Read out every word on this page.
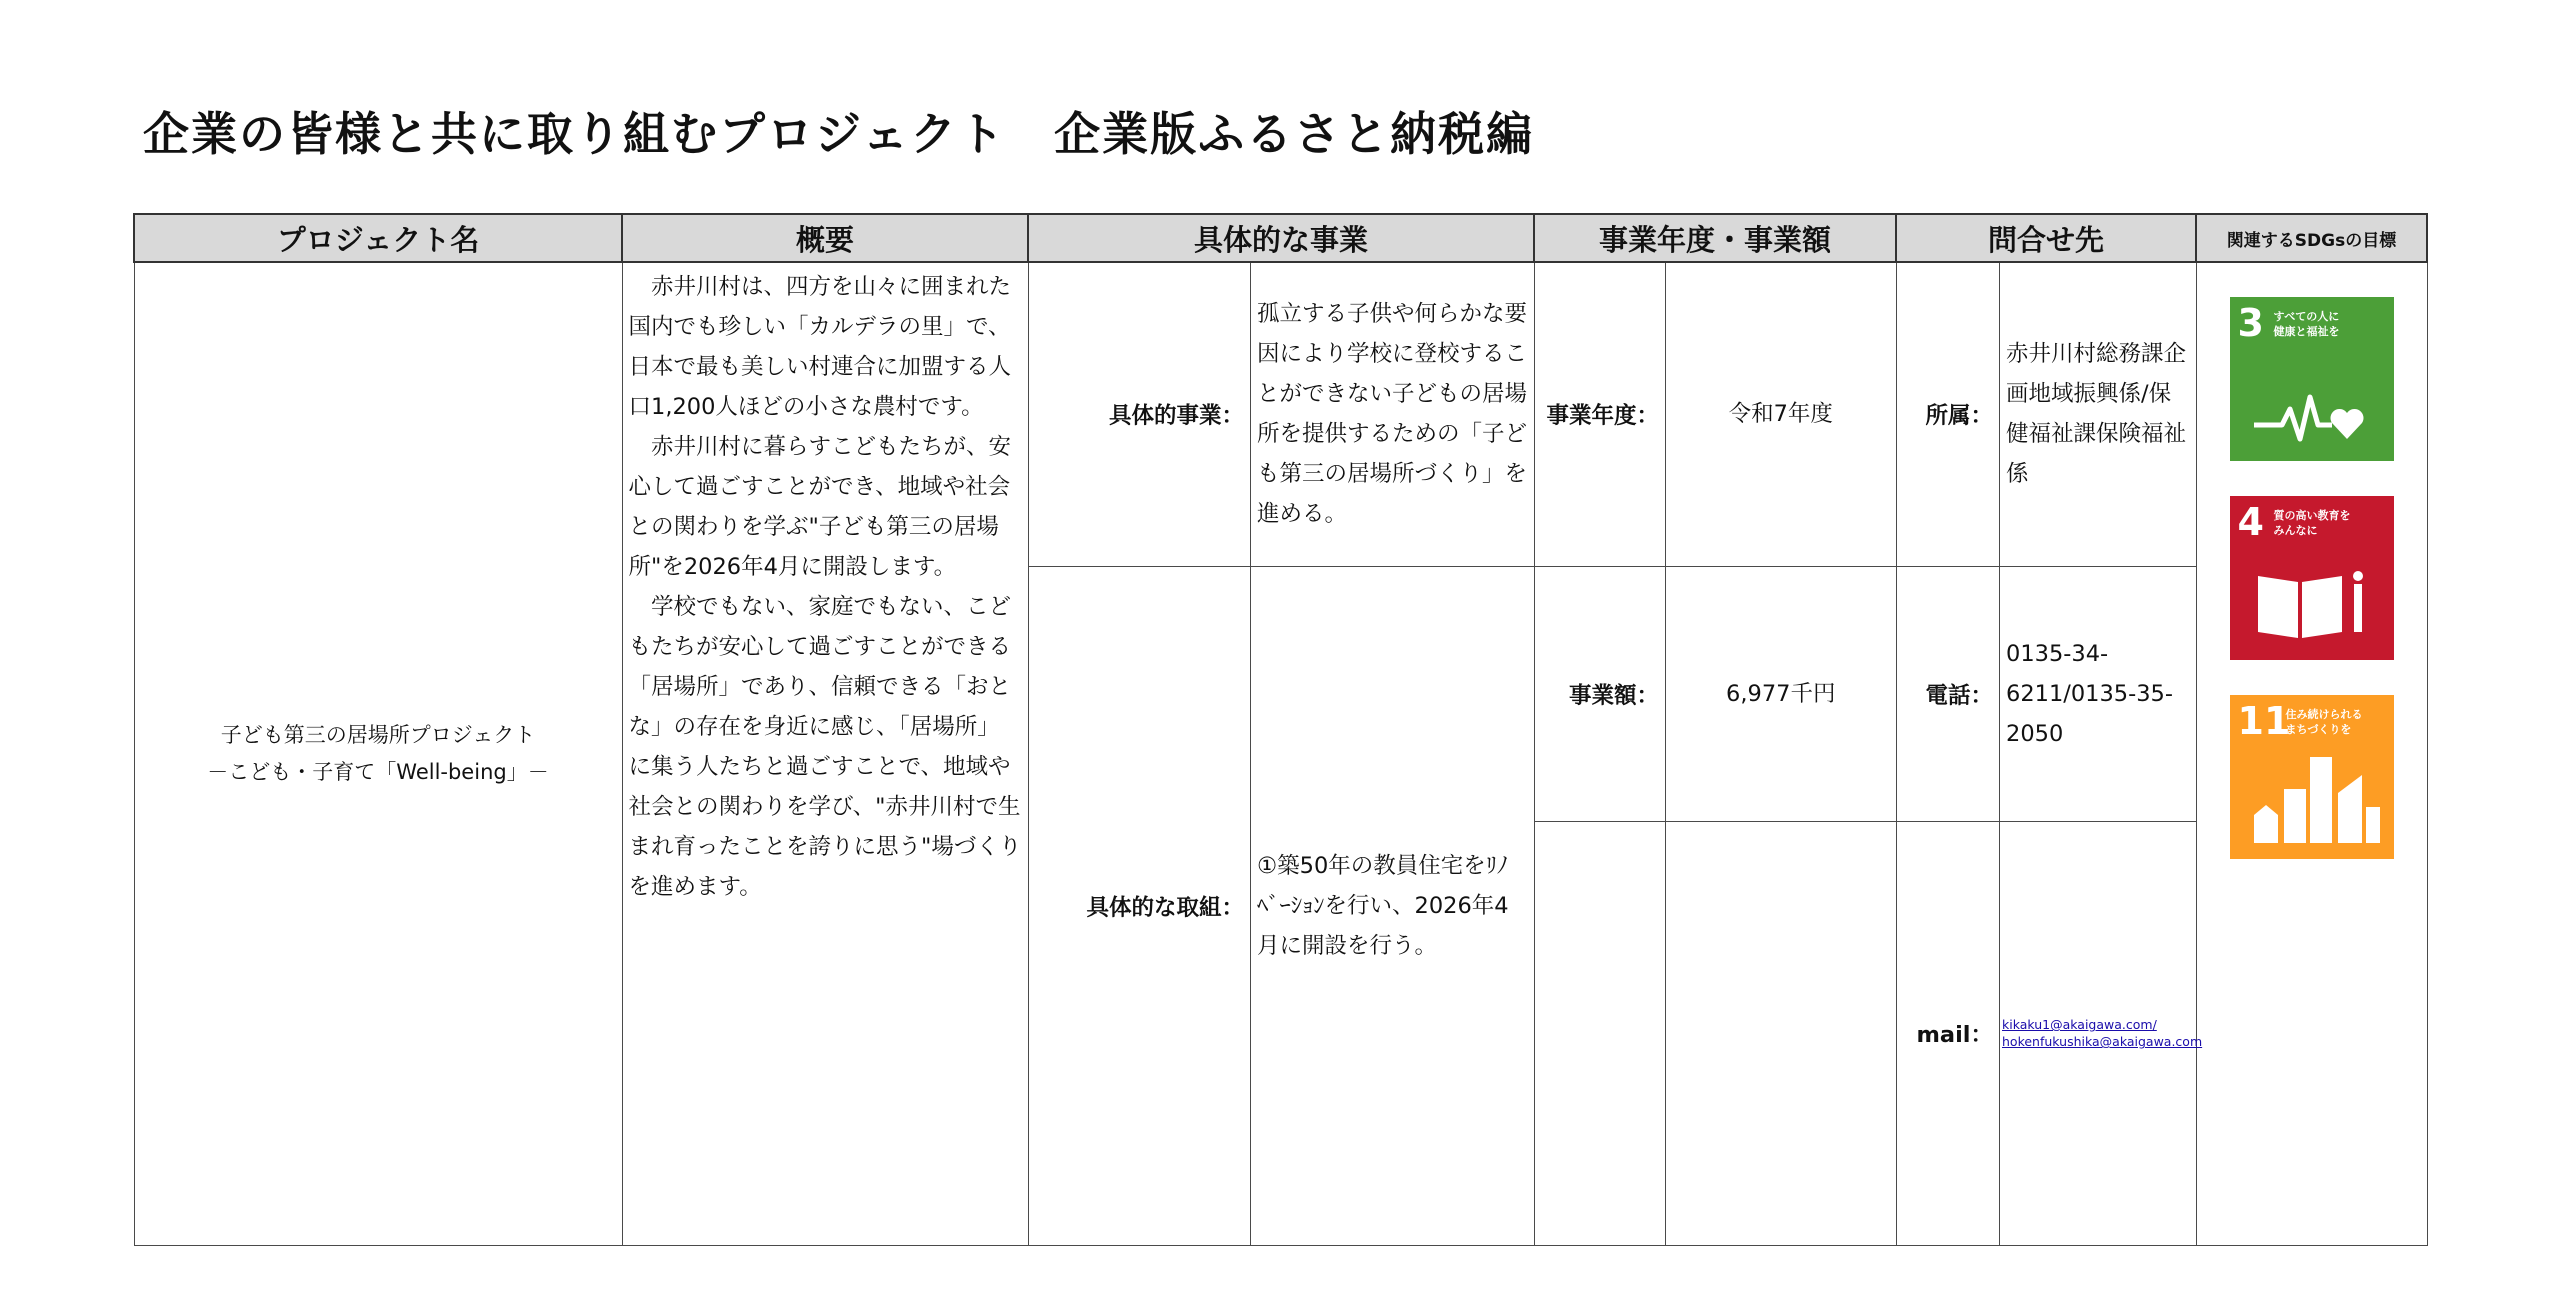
企業の皆様と共に取り組むプロジェクト　企業版ふるさと納税編
プロジェクト名	概要	具体的な事業	事業年度・事業額	問合せ先	関連するSDGsの目標

子ども第三の居場所プロジェクト
－こども・子育て「Well-being」－

赤井川村は、四方を山々に囲まれた国内でも珍しい「カルデラの里」で、日本で最も美しい村連合に加盟する人口1,200人ほどの小さな農村です。

赤井川村に暮らすこどもたちが、安心して過ごすことができ、地域や社会との関わりを学ぶ"子ども第三の居場所"を2026年4月に開設します。

学校でもない、家庭でもない、こどもたちが安心して過ごすことができる「居場所」であり、信頼できる「おとな」の存在を身近に感じ、「居場所」に集う人たちと過ごすことで、地域や社会との関わりを学び、"赤井川村で生まれ育ったことを誇りに思う"場づくりを進めます。

具体的事業：	孤立する子供や何らかな要因により学校に登校することができない子どもの居場所を提供するための「子ども第三の居場所づくり」を進める。
具体的な取組：	①築50年の教員住宅をﾘﾉﾍﾞｰｼｮﾝを行い、2026年4月に開設を行う。

事業年度：	令和7年度
事業額：	6,977千円

所属：	赤井川村総務課企画地域振興係/保健福祉課保険福祉係
電話：	0135-34-6211/0135-35-2050
mail：	kikaku1@akaigawa.com/
hokenfukushika@akaigawa.com

3 すべての人に
健康と福祉を
4 質の高い教育を
みんなに
11
住み続けられる
まちづくりを
